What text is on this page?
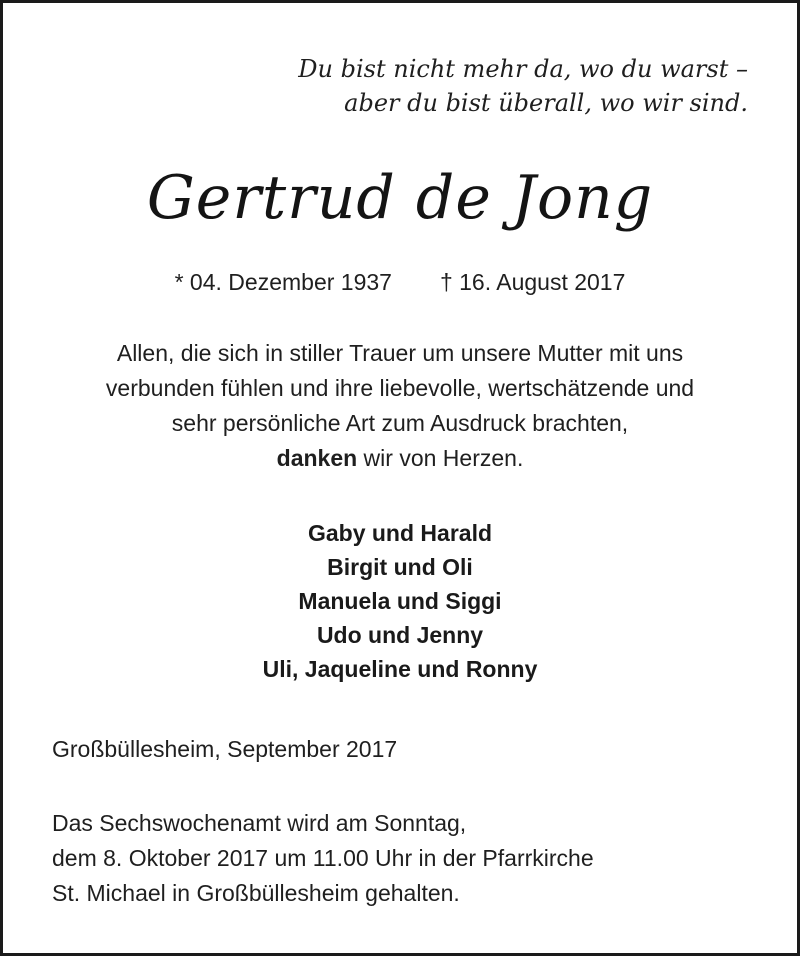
Du bist nicht mehr da, wo du warst –
aber du bist überall, wo wir sind.
Gertrud de Jong
* 04. Dezember 1937 † 16. August 2017
Allen, die sich in stiller Trauer um unsere Mutter mit uns
verbunden fühlen und ihre liebevolle, wertschätzende und
sehr persönliche Art zum Ausdruck brachten,
danken wir von Herzen.
Gaby und Harald
Birgit und Oli
Manuela und Siggi
Udo und Jenny
Uli, Jaqueline und Ronny
Großbüllesheim, September 2017
Das Sechswochenamt wird am Sonntag,
dem 8. Oktober 2017 um 11.00 Uhr in der Pfarrkirche
St. Michael in Großbüllesheim gehalten.
